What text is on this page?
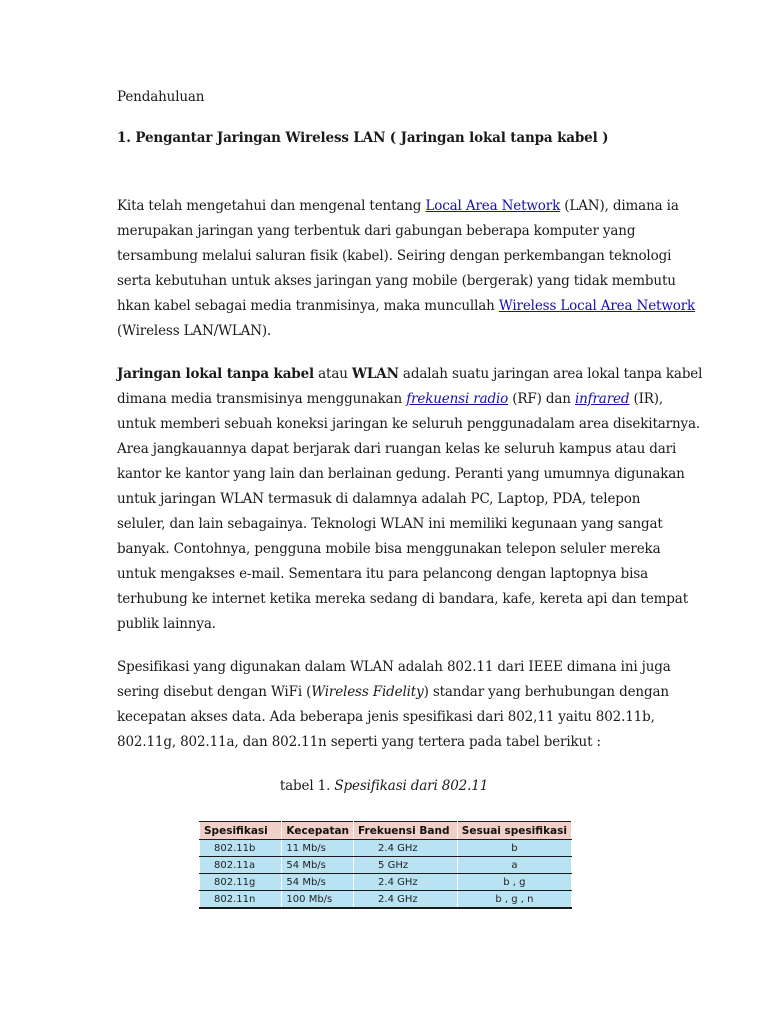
Pendahuluan
1. Pengantar Jaringan Wireless LAN ( Jaringan lokal tanpa kabel )
Kita telah mengetahui dan mengenal tentang Local Area Network (LAN), dimana ia
merupakan jaringan yang terbentuk dari gabungan beberapa komputer yang
tersambung melalui saluran fisik (kabel). Seiring dengan perkembangan teknologi
serta kebutuhan untuk akses jaringan yang mobile (bergerak) yang tidak membutu
hkan kabel sebagai media tranmisinya, maka muncullah Wireless Local Area Network
(Wireless LAN/WLAN).
Jaringan lokal tanpa kabel atau WLAN adalah suatu jaringan area lokal tanpa kabel
dimana media transmisinya menggunakan frekuensi radio (RF) dan infrared (IR),
untuk memberi sebuah koneksi jaringan ke seluruh penggunadalam area disekitarnya.
Area jangkauannya dapat berjarak dari ruangan kelas ke seluruh kampus atau dari
kantor ke kantor yang lain dan berlainan gedung. Peranti yang umumnya digunakan
untuk jaringan WLAN termasuk di dalamnya adalah PC, Laptop, PDA, telepon
seluler, dan lain sebagainya. Teknologi WLAN ini memiliki kegunaan yang sangat
banyak. Contohnya, pengguna mobile bisa menggunakan telepon seluler mereka
untuk mengakses e-mail. Sementara itu para pelancong dengan laptopnya bisa
terhubung ke internet ketika mereka sedang di bandara, kafe, kereta api dan tempat
publik lainnya.
Spesifikasi yang digunakan dalam WLAN adalah 802.11 dari IEEE dimana ini juga
sering disebut dengan WiFi (Wireless Fidelity) standar yang berhubungan dengan
kecepatan akses data. Ada beberapa jenis spesifikasi dari 802,11 yaitu 802.11b,
802.11g, 802.11a, dan 802.11n seperti yang tertera pada tabel berikut :
tabel 1. Spesifikasi dari 802.11
Spesifikasi	Kecepatan	Frekuensi Band	Sesuai spesifikasi
802.11b	11 Mb/s	2.4 GHz	b
802.11a	54 Mb/s	5 GHz	a
802.11g	54 Mb/s	2.4 GHz	b , g
802.11n	100 Mb/s	2.4 GHz	b , g , n
